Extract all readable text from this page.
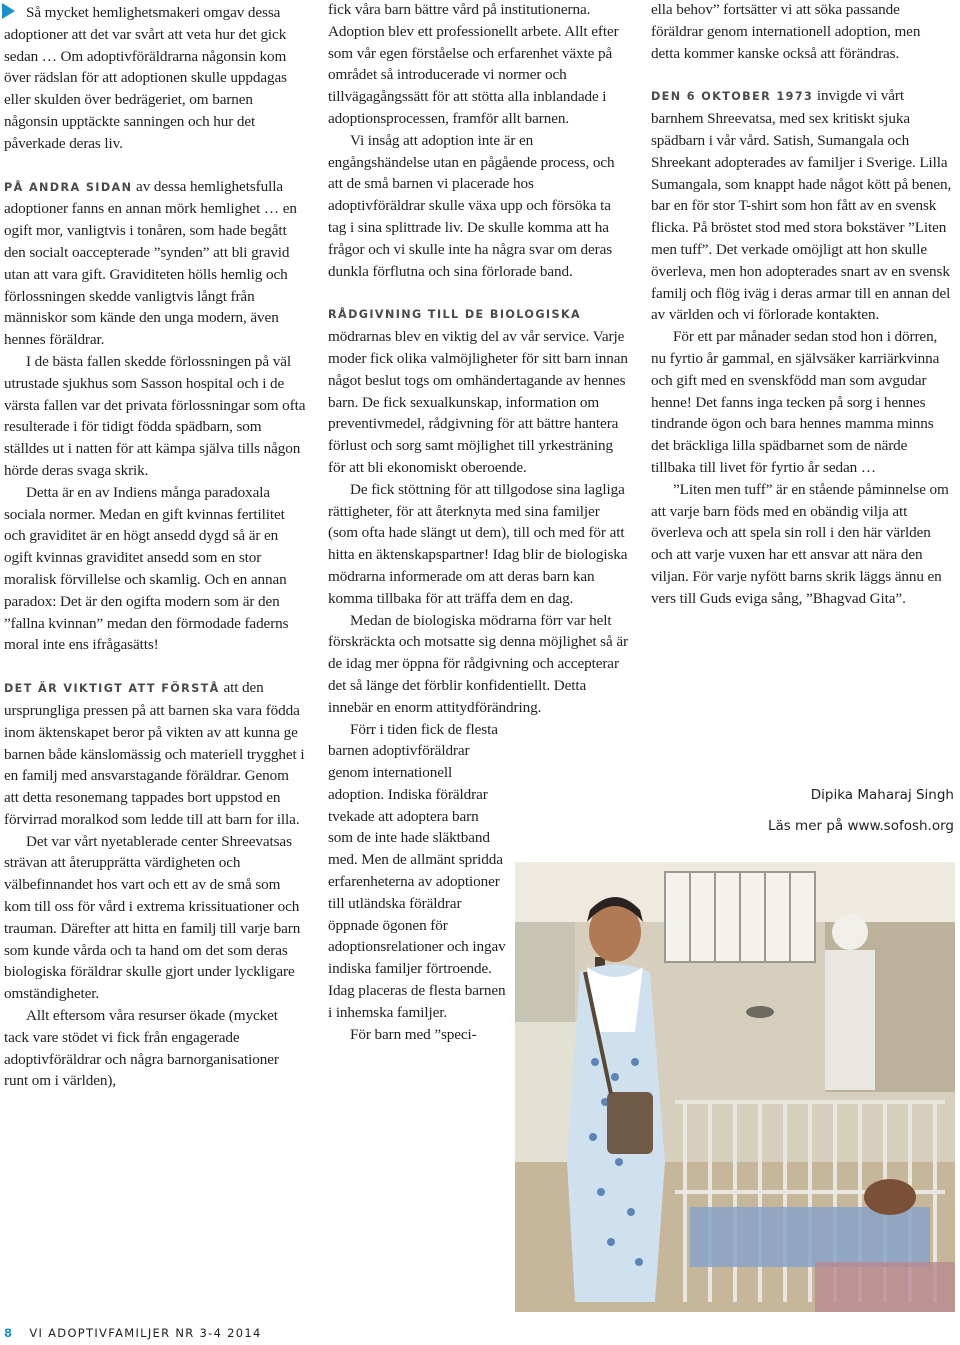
Så mycket hemlighetsmakeri omgav dessa adoptioner att det var svårt att veta hur det gick sedan … Om adoptivföräldrarna någonsin kom över rädslan för att adoptionen skulle uppdagas eller skulden över bedrägeriet, om barnen någonsin upptäckte sanningen och hur det påverkade deras liv.

PÅ ANDRA SIDAN av dessa hemlighetsfulla adoptioner fanns en annan mörk hemlighet … en ogift mor, vanligtvis i tonåren, som hade begått den socialt oaccepterade ”synden” att bli gravid utan att vara gift. Graviditeten hölls hemlig och förlossningen skedde vanligtvis långt från människor som kände den unga modern, även hennes föräldrar.

I de bästa fallen skedde förlossningen på väl utrustade sjukhus som Sasson hospital och i de värsta fallen var det privata förlossningar som ofta resulterade i för tidigt födda spädbarn, som ställdes ut i natten för att kämpa själva tills någon hörde deras svaga skrik.

Detta är en av Indiens många paradoxala sociala normer. Medan en gift kvinnas fertilitet och graviditet är en högt ansedd dygd så är en ogift kvinnas graviditet ansedd som en stor moralisk förvillelse och skamlig. Och en annan paradox: Det är den ogifta modern som är den ”fallna kvinnan” medan den förmodade faderns moral inte ens ifrågasätts!

DET ÄR VIKTIGT ATT FÖRSTÅ att den ursprungliga pressen på att barnen ska vara födda inom äktenskapet beror på vikten av att kunna ge barnen både känslomässig och materiell trygghet i en familj med ansvarstagande föräldrar. Genom att detta resonemang tappades bort uppstod en förvirrad moralkod som ledde till att barn for illa.

Det var vårt nyetablerade center Shreevatsas strävan att återupprätta värdigheten och välbefinnandet hos vart och ett av de små som kom till oss för vård i extrema krissituationer och trauman. Därefter att hitta en familj till varje barn som kunde vårda och ta hand om det som deras biologiska föräldrar skulle gjort under lyckligare omständigheter.

Allt eftersom våra resurser ökade (mycket tack vare stödet vi fick från engagerade adoptivföräldrar och några barnorganisationer runt om i världen),

fick våra barn bättre vård på institutionerna. Adoption blev ett professionellt arbete. Allt efter som vår egen förståelse och erfarenhet växte på området så introducerade vi normer och tillvägagångssätt för att stötta alla inblandade i adoptionsprocessen, framför allt barnen.

Vi insåg att adoption inte är en engångshändelse utan en pågående process, och att de små barnen vi placerade hos adoptivföräldrar skulle växa upp och försöka ta tag i sina splittrade liv. De skulle komma att ha frågor och vi skulle inte ha några svar om deras dunkla förflutna och sina förlorade band.

RÅDGIVNING TILL DE BIOLOGISKA mödrarnas blev en viktig del av vår service. Varje moder fick olika valmöjligheter för sitt barn innan något beslut togs om omhändertagande av hennes barn. De fick sexualkunskap, information om preventivmedel, rådgivning för att bättre hantera förlust och sorg samt möjlighet till yrkesträning för att bli ekonomiskt oberoende.

De fick stöttning för att tillgodose sina lagliga rättigheter, för att återknyta med sina familjer (som ofta hade slängt ut dem), till och med för att hitta en äktenskapspartner! Idag blir de biologiska mödrarna informerade om att deras barn kan komma tillbaka för att träffa dem en dag.

Medan de biologiska mödrarna förr var helt förskräckta och motsatte sig denna möjlighet så är de idag mer öppna för rådgivning och accepterar det så länge det förblir konfidentiellt. Detta innebär en enorm attitydförändring.

Förr i tiden fick de flesta barnen adoptivföräldrar genom internationell adoption. Indiska föräldrar tvekade att adoptera barn som de inte hade släktband med. Men de allmänt spridda erfarenheterna av adoptioner till utländska föräldrar öppnade ögonen för adoptionsrelationer och ingav indiska familjer förtroende. Idag placeras de flesta barnen i inhemska familjer.

För barn med ”speci-

ella behov” fortsätter vi att söka passande föräldrar genom internationell adoption, men detta kommer kanske också att förändras.

DEN 6 OKTOBER 1973 invigde vi vårt barnhem Shreevatsa, med sex kritiskt sjuka spädbarn i vår vård. Satish, Sumangala och Shreekant adopterades av familjer i Sverige. Lilla Sumangala, som knappt hade något kött på benen, bar en för stor T-shirt som hon fått av en svensk flicka. På bröstet stod med stora bokstäver ”Liten men tuff”. Det verkade omöjligt att hon skulle överleva, men hon adopterades snart av en svensk familj och flög iväg i deras armar till en annan del av världen och vi förlorade kontakten.

För ett par månader sedan stod hon i dörren, nu fyrtio år gammal, en självsäker karriärkvinna och gift med en svenskfödd man som avgudar henne! Det fanns inga tecken på sorg i hennes tindrande ögon och bara hennes mamma minns det bräckliga lilla spädbarnet som de närde tillbaka till livet för fyrtio år sedan …

”Liten men tuff” är en stående påminnelse om att varje barn föds med en obändig vilja att överleva och att spela sin roll i den här världen och att varje vuxen har ett ansvar att nära den viljan. För varje nyfött barns skrik läggs ännu en vers till Guds eviga sång, ”Bhagvad Gita”.

Dipika Maharaj Singh
Läs mer på www.sofosh.org
8 VI ADOPTIVFAMILJER NR 3-4 2014
